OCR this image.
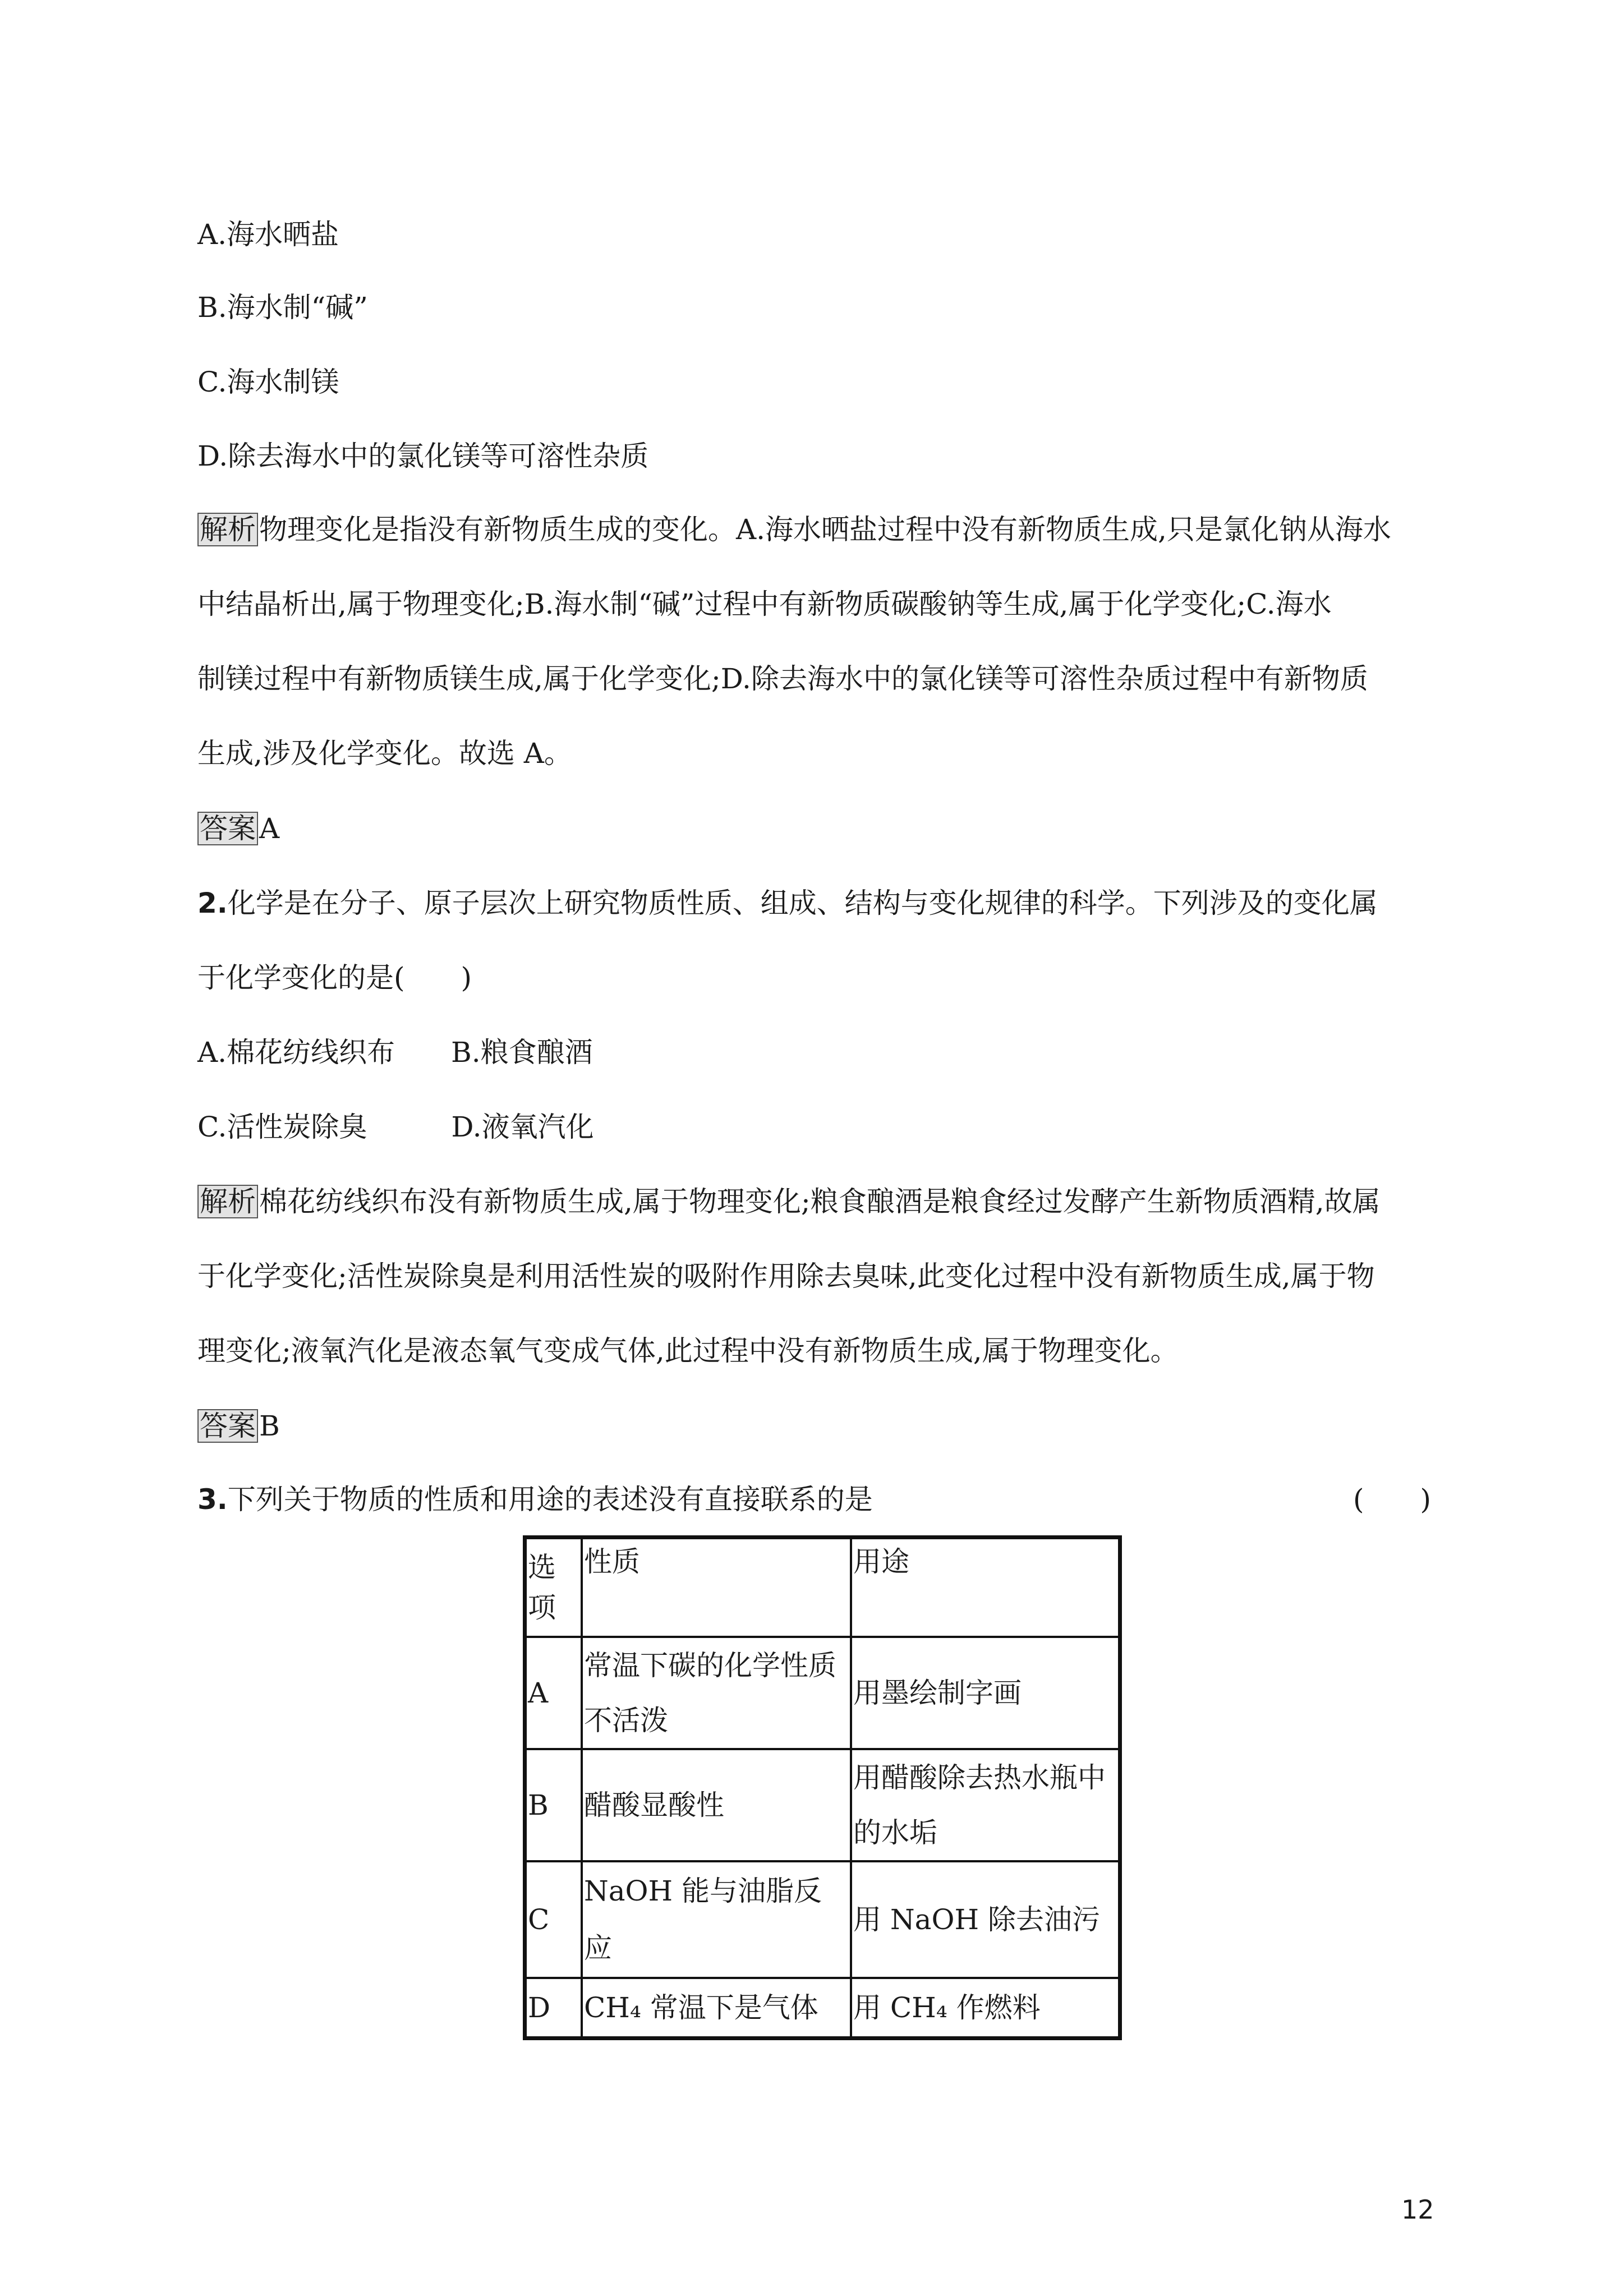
A.海水晒盐
B.海水制“碱”
C.海水制镁
D.除去海水中的氯化镁等可溶性杂质
解析 物理变化是指没有新物质生成的变化。A.海水晒盐过程中没有新物质生成,只是氯化钠从海水
中结晶析出,属于物理变化;B.海水制“碱”过程中有新物质碳酸钠等生成,属于化学变化;C.海水
制镁过程中有新物质镁生成,属于化学变化;D.除去海水中的氯化镁等可溶性杂质过程中有新物质
生成,涉及化学变化。故选 A。
答案 A
2.化学是在分子、原子层次上研究物质性质、组成、结构与变化规律的科学。下列涉及的变化属
于化学变化的是(　　)
A.棉花纺线织布　　B.粮食酿酒
C.活性炭除臭　　　D.液氧汽化
解析 棉花纺线织布没有新物质生成,属于物理变化;粮食酿酒是粮食经过发酵产生新物质酒精,故属
于化学变化;活性炭除臭是利用活性炭的吸附作用除去臭味,此变化过程中没有新物质生成,属于物
理变化;液氧汽化是液态氧气变成气体,此过程中没有新物质生成,属于物理变化。
答案 B
3.下列关于物质的性质和用途的表述没有直接联系的是	(　　)
选项	性质	用途
A	常温下碳的化学性质不活泼	用墨绘制字画
B	醋酸显酸性	用醋酸除去热水瓶中的水垢
C	NaOH 能与油脂反应	用 NaOH 除去油污
D	CH₄ 常温下是气体	用 CH₄ 作燃料
12
